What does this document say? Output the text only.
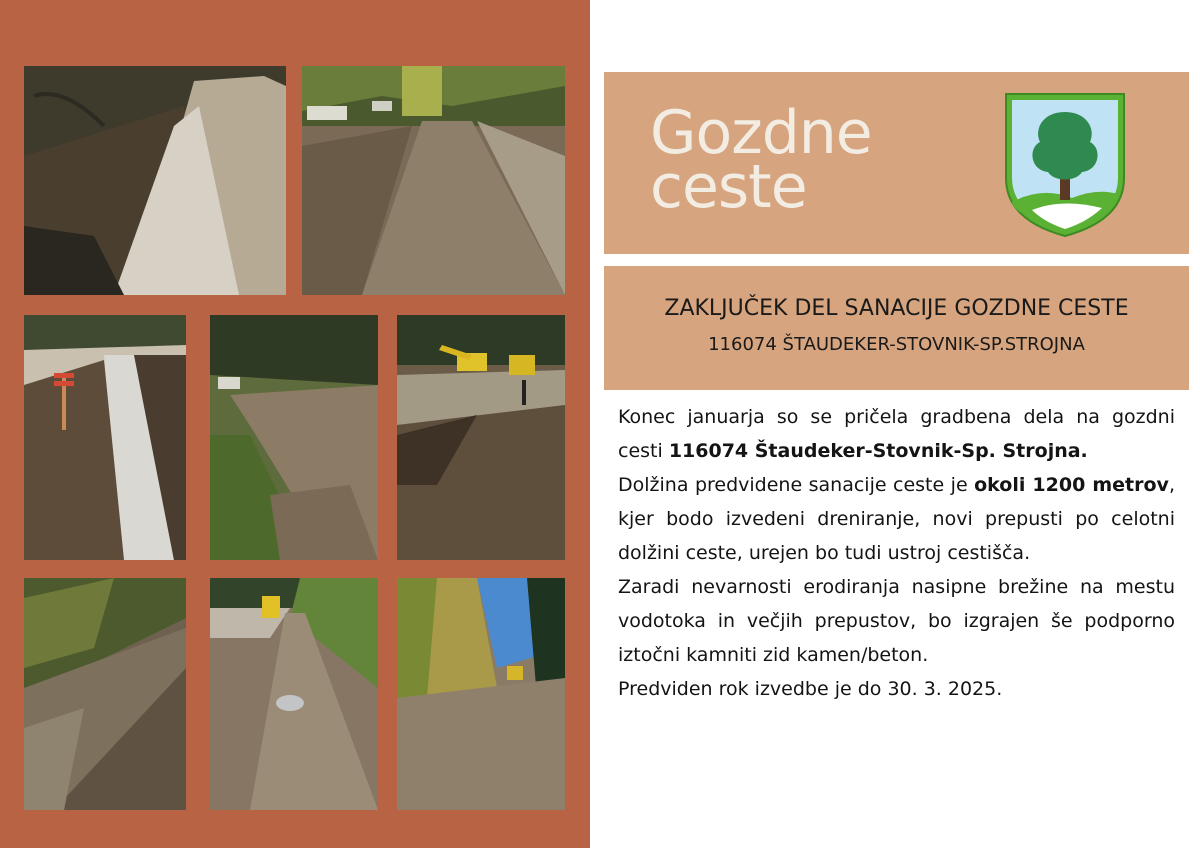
Gozdne
ceste
ZAKLJUČEK DEL SANACIJE GOZDNE CESTE
116074 ŠTAUDEKER-STOVNIK-SP.STROJNA

Konec januarja so se pričela gradbena dela na gozdni cesti 116074 Štaudeker-Stovnik-Sp. Strojna.

Dolžina predvidene sanacije ceste je okoli 1200 metrov, kjer bodo izvedeni dreniranje, novi prepusti po celotni dolžini ceste, urejen bo tudi ustroj cestišča.

Zaradi nevarnosti erodiranja nasipne brežine na mestu vodotoka in večjih prepustov, bo izgrajen še podporno iztočni kamniti zid kamen/beton.

Predviden rok izvedbe je do 30. 3. 2025.
